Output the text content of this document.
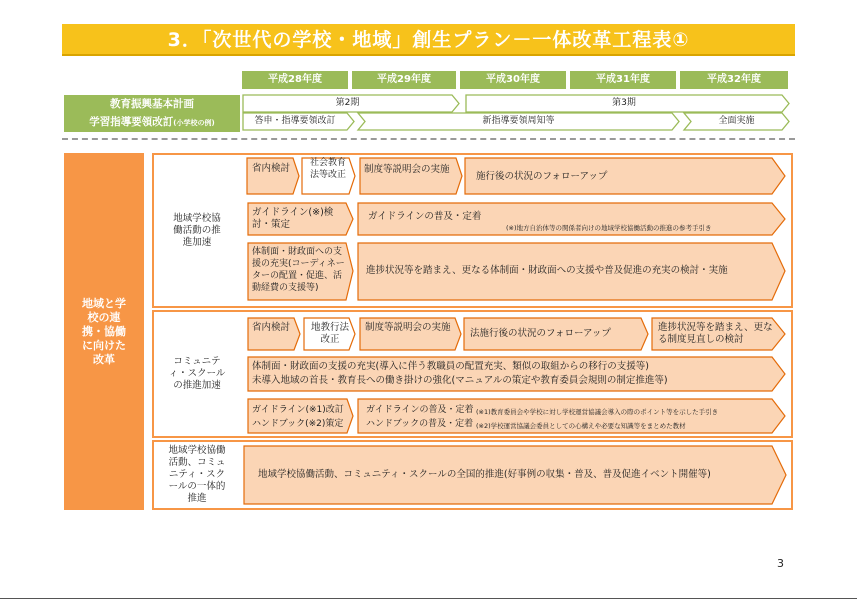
3．「次世代の学校・地域」創生プラン－一体改革工程表①
平成28年度	平成29年度	平成30年度	平成31年度	平成32年度
教育振興基本計画
学習指導要領改訂(小学校の例)
第2期	第3期
答申・指導要領改訂	新指導要領周知等	全面実施
地域と学校の連携・協働に向けた改革
地域学校協働活動の推進加速
コミュニティ・スクールの推進加速
地域学校協働活動、コミュニティ・スクールの一体的推進
省内検討 社会教育法等改正 制度等説明会の実施
施行後の状況のフォローアップ
ガイドライン(※)検討・策定
ガイドラインの普及・定着
(※)地方自治体等の関係者向けの地域学校協働活動の推進の参考手引き
体制面・財政面への支援の充実(コーディネーターの配置・促進、活動経費の支援等)
進捗状況等を踏まえ、更なる体制面・財政面への支援や普及促進の充実の検討・実施
省内検討 地教行法改正
制度等説明会の実施
法施行後の状況のフォローアップ
進捗状況等を踏まえ、更なる制度見直しの検討
体制面・財政面の支援の充実(導入に伴う教職員の配置充実、類似の取組からの移行の支援等)
未導入地域の首長・教育長への働き掛けの強化(マニュアルの策定や教育委員会規則の制定推進等)
ガイドライン(※1)改訂
ハンドブック(※2)策定
ガイドラインの普及・定着
ハンドブックの普及・定着
(※1)教育委員会や学校に対し学校運営協議会導入の際のポイント等を示した手引き
(※2)学校運営協議会委員としての心構えや必要な知識等をまとめた教材
地域学校協働活動、コミュニティ・スクールの全国的推進(好事例の収集・普及、普及促進イベント開催等)
3
